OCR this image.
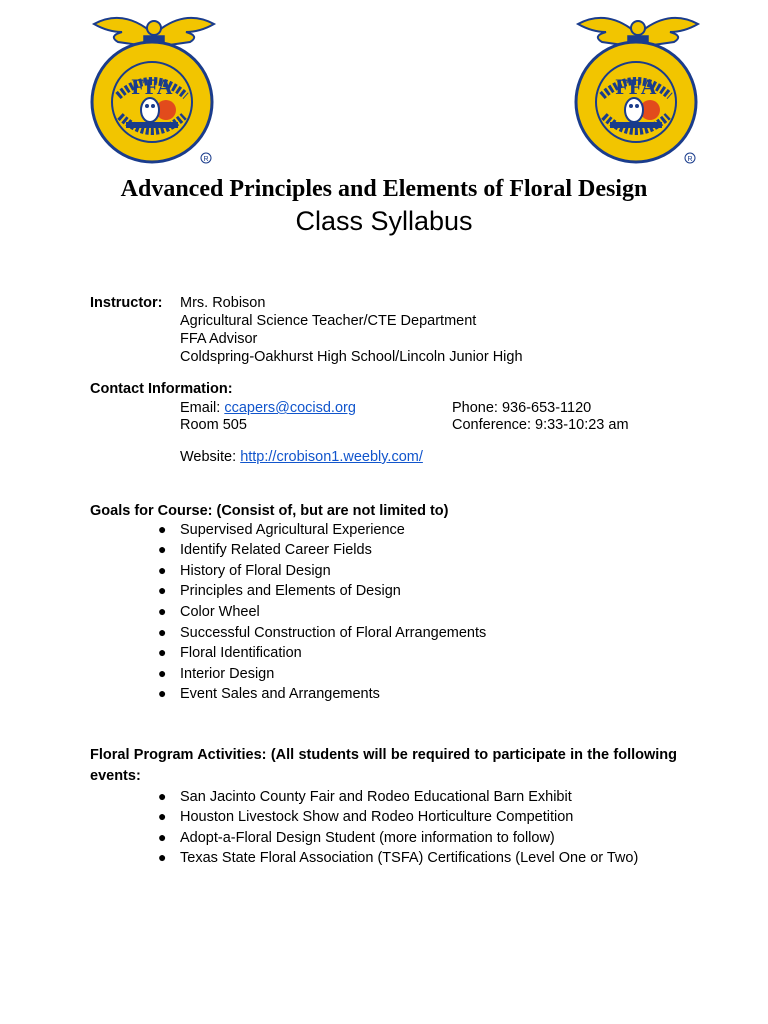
FFA
R
FFA
R
Advanced Principles and Elements of Floral Design
Class Syllabus
Instructor: Mrs. Robison
Agricultural Science Teacher/CTE Department
FFA Advisor
Coldspring-Oakhurst High School/Lincoln Junior High
Contact Information:
Email: ccapers@cocisd.org	Phone: 936-653-1120
Room 505	Conference: 9:33-10:23 am
Website: http://crobison1.weebly.com/
Goals for Course: (Consist of, but are not limited to)
● Supervised Agricultural Experience
● Identify Related Career Fields
● History of Floral Design
● Principles and Elements of Design
● Color Wheel
● Successful Construction of Floral Arrangements
● Floral Identification
● Interior Design
● Event Sales and Arrangements
Floral Program Activities: (All students will be required to participate in the following events:
● San Jacinto County Fair and Rodeo Educational Barn Exhibit
● Houston Livestock Show and Rodeo Horticulture Competition
● Adopt-a-Floral Design Student (more information to follow)
● Texas State Floral Association (TSFA) Certifications (Level One or Two)
